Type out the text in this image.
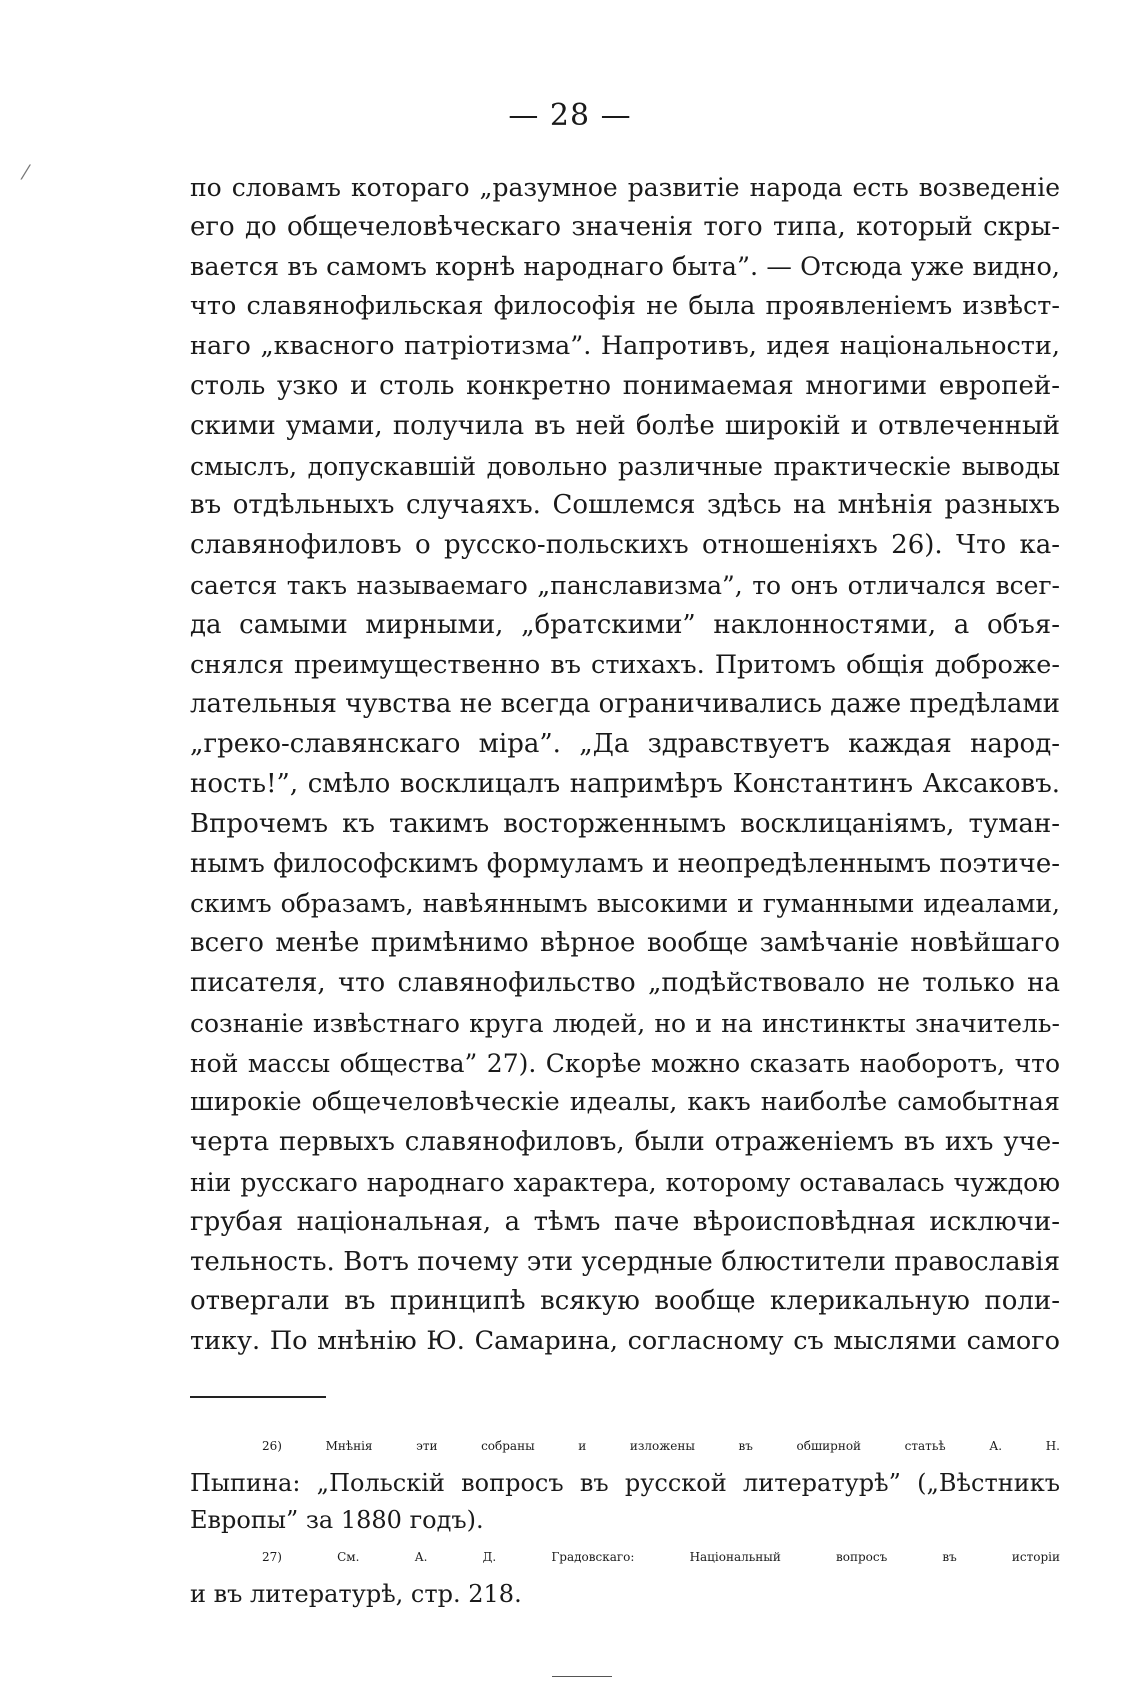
— 28 —
⁄
по словамъ котораго „разумное развитіе народа есть возведеніе
его до общечеловѣческаго значенія того типа, который скры-
вается въ самомъ корнѣ народнаго быта”. — Отсюда уже видно,
что славянофильская философія не была проявленіемъ извѣст-
наго „квасного патріотизма”. Напротивъ, идея національности,
столь узко и столь конкретно понимаемая многими европей-
скими умами, получила въ ней болѣе широкій и отвлеченный
смыслъ, допускавшій довольно различные практическіе выводы
въ отдѣльныхъ случаяхъ. Сошлемся здѣсь на мнѣнія разныхъ
славянофиловъ о русско-польскихъ отношеніяхъ 26). Что ка-
сается такъ называемаго „панславизма”, то онъ отличался всег-
да самыми мирными, „братскими” наклонностями, а объя-
снялся преимущественно въ стихахъ. Притомъ общія доброже-
лательныя чувства не всегда ограничивались даже предѣлами
„греко-славянскаго міра”. „Да здравствуетъ каждая народ-
ность!”, смѣло восклицалъ напримѣръ Константинъ Аксаковъ.
Впрочемъ къ такимъ восторженнымъ восклицаніямъ, туман-
нымъ философскимъ формуламъ и неопредѣленнымъ поэтиче-
скимъ образамъ, навѣяннымъ высокими и гуманными идеалами,
всего менѣе примѣнимо вѣрное вообще замѣчаніе новѣйшаго
писателя, что славянофильство „подѣйствовало не только на
сознаніе извѣстнаго круга людей, но и на инстинкты значитель-
ной массы общества” 27). Скорѣе можно сказать наоборотъ, что
широкіе общечеловѣческіе идеалы, какъ наиболѣе самобытная
черта первыхъ славянофиловъ, были отраженіемъ въ ихъ уче-
ніи русскаго народнаго характера, которому оставалась чуждою
грубая національная, а тѣмъ паче вѣроисповѣдная исключи-
тельность. Вотъ почему эти усердные блюстители православія
отвергали въ принципѣ всякую вообще клерикальную поли-
тику. По мнѣнію Ю. Самарина, согласному съ мыслями самого
26) Мнѣнія эти собраны и изложены въ обширной статьѣ А. Н.
Пыпина: „Польскій вопросъ въ русской литературѣ” („Вѣстникъ
Европы” за 1880 годъ).
27) См. А. Д. Градовскаго: Національный вопросъ въ исторіи
и въ литературѣ, стр. 218.
